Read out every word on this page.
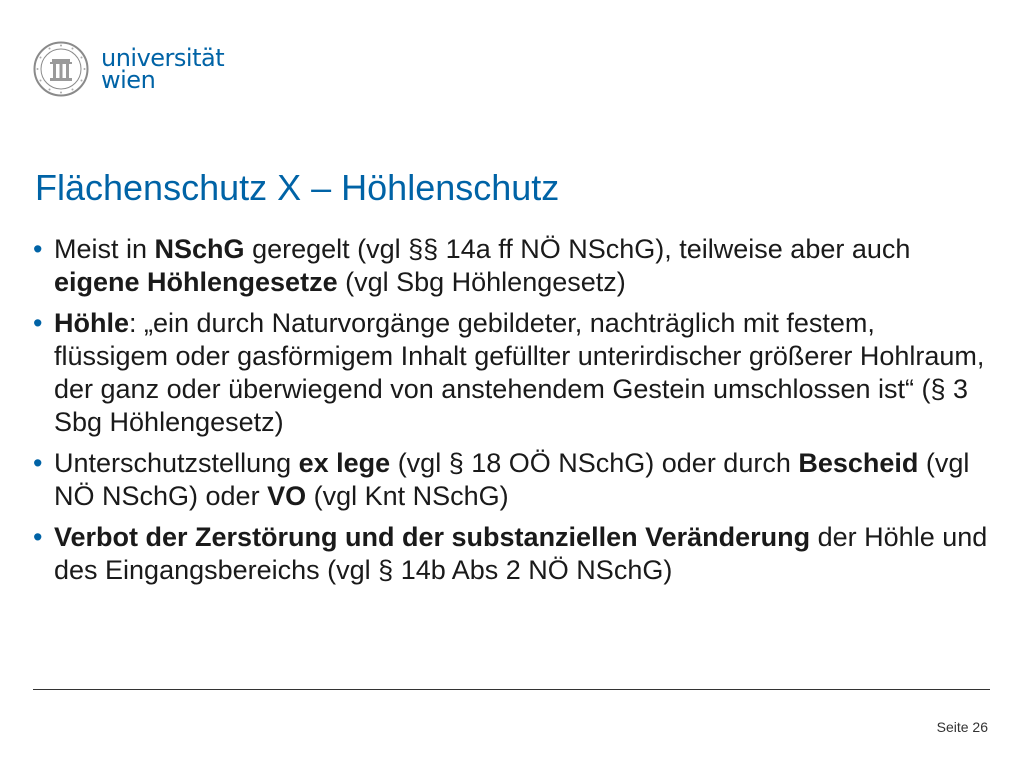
universität
wien
Flächenschutz X – Höhlenschutz
• Meist in NSchG geregelt (vgl §§ 14a ff NÖ NSchG), teilweise aber auch eigene Höhlengesetze (vgl Sbg Höhlengesetz)
• Höhle: „ein durch Naturvorgänge gebildeter, nachträglich mit festem, flüssigem oder gasförmigem Inhalt gefüllter unterirdischer größerer Hohlraum, der ganz oder überwiegend von anstehendem Gestein umschlossen ist“ (§ 3 Sbg Höhlengesetz)
• Unterschutzstellung ex lege (vgl § 18 OÖ NSchG) oder durch Bescheid (vgl NÖ NSchG) oder VO (vgl Knt NSchG)
• Verbot der Zerstörung und der substanziellen Veränderung der Höhle und des Eingangsbereichs (vgl § 14b Abs 2 NÖ NSchG)
Seite 26
